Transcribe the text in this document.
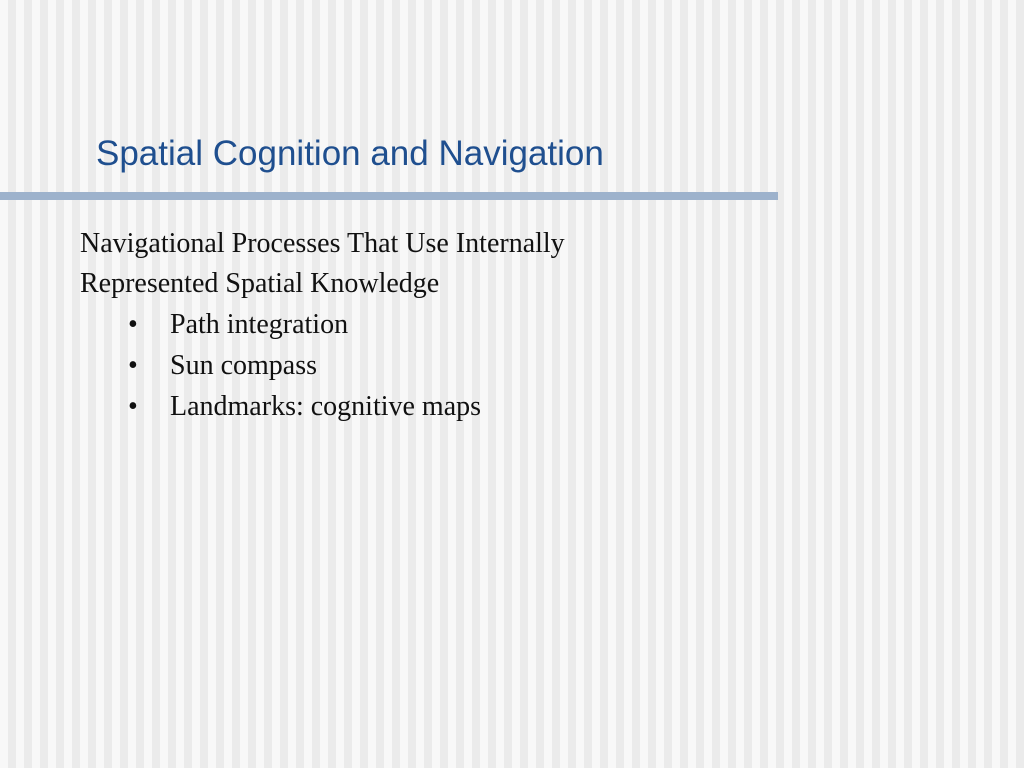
Spatial Cognition and Navigation

Navigational Processes That Use Internally
Represented Spatial Knowledge

• Path integration
• Sun compass
• Landmarks: cognitive maps
